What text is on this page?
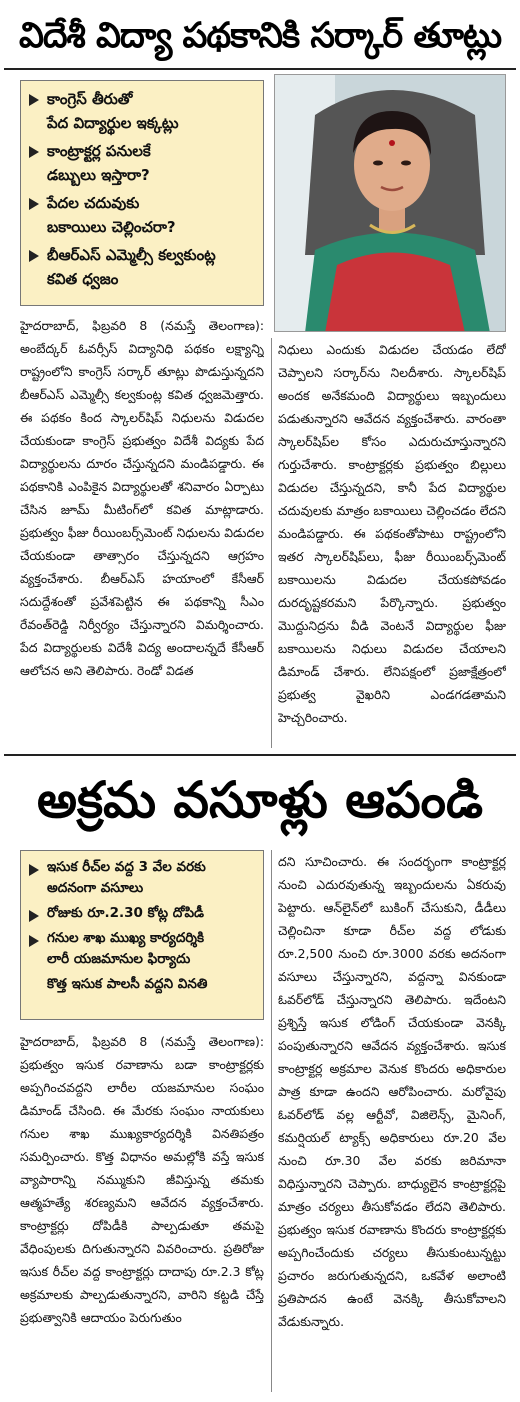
విదేశీ విద్యా పథకానికి సర్కార్ తూట్లు
కాంగ్రెస్ తీరుతో
పేద విద్యార్థుల ఇక్కట్లు
కాంట్రాక్టర్ల పనులకే
డబ్బులు ఇస్తారా?
పేదల చదువుకు
బకాయిలు చెల్లించరా?
బీఆర్ఎస్ ఎమ్మెల్సీ కల్వకుంట్ల
కవిత ధ్వజం

హైదరాబాద్, ఫిబ్రవరి 8 (నమస్తే తెలంగాణ): అంబేద్కర్ ఓవర్సీస్ విద్యానిధి పథకం లక్ష్యాన్ని రాష్ట్రంలోని కాంగ్రెస్ సర్కార్ తూట్లు పొడుస్తున్నదని బీఆర్ఎస్ ఎమ్మెల్సీ కల్వకుంట్ల కవిత ధ్వజమెత్తారు. ఈ పథకం కింద స్కాలర్‌షిప్ నిధులను విడుదల చేయకుండా కాంగ్రెస్ ప్రభుత్వం విదేశీ విద్యకు పేద విద్యార్థులను దూరం చేస్తున్నదని మండిపడ్డారు. ఈ పథకానికి ఎంపికైన విద్యార్థులతో శనివారం ఏర్పాటు చేసిన జూమ్ మీటింగ్‌లో కవిత మాట్లాడారు. ప్రభుత్వం ఫీజు రీయింబర్స్‌మెంట్ నిధులను విడుదల చేయకుండా తాత్సారం చేస్తున్నదని ఆగ్రహం వ్యక్తంచేశారు. బీఆర్ఎస్ హయాంలో కేసీఆర్ సదుద్దేశంతో ప్రవేశపెట్టిన ఈ పథకాన్ని సీఎం రేవంత్‌రెడ్డి నిర్వీర్యం చేస్తున్నారని విమర్శించారు. పేద విద్యార్థులకు విదేశీ విద్య అందాలన్నదే కేసీఆర్ ఆలోచన అని తెలిపారు. రెండో విడత

నిధులు ఎందుకు విడుదల చేయడం లేదో చెప్పాలని సర్కార్‌ను నిలదీశారు. స్కాలర్‌షిప్ అందక అనేకమంది విద్యార్థులు ఇబ్బందులు పడుతున్నారని ఆవేదన వ్యక్తంచేశారు. వారంతా స్కాలర్‌షిప్‌ల కోసం ఎదురుచూస్తున్నారని గుర్తుచేశారు. కాంట్రాక్టర్లకు ప్రభుత్వం బిల్లులు విడుదల చేస్తున్నదని, కానీ పేద విద్యార్థుల చదువులకు మాత్రం బకాయిలు చెల్లించడం లేదని మండిపడ్డారు. ఈ పథకంతోపాటు రాష్ట్రంలోని ఇతర స్కాలర్‌షిప్‌లు, ఫీజు రీయింబర్స్‌మెంట్ బకాయిలను విడుదల చేయకపోవడం దురదృష్టకరమని పేర్కొన్నారు. ప్రభుత్వం మొద్దునిద్రను వీడి వెంటనే విద్యార్థుల ఫీజు బకాయిలను నిధులు విడుదల చేయాలని డిమాండ్ చేశారు. లేనిపక్షంలో ప్రజాక్షేత్రంలో ప్రభుత్వ వైఖరిని ఎండగడతామని హెచ్చరించారు.

అక్రమ వసూళ్లు ఆపండి
ఇసుక రీచ్‌ల వద్ద 3 వేల వరకు
అదనంగా వసూలు
రోజుకు రూ.2.30 కోట్ల దోపిడీ
గనుల శాఖ ముఖ్య కార్యదర్శికి
లారీ యజమానుల ఫిర్యాదు
కొత్త ఇసుక పాలసీ వద్దని వినతి

హైదరాబాద్, ఫిబ్రవరి 8 (నమస్తే తెలంగాణ): ప్రభుత్వం ఇసుక రవాణాను బడా కాంట్రాక్టర్లకు అప్పగించవద్దని లారీల యజమానుల సంఘం డిమాండ్ చేసింది. ఈ మేరకు సంఘం నాయకులు గనుల శాఖ ముఖ్యకార్యదర్శికి వినతిపత్రం సమర్పించారు. కొత్త విధానం అమల్లోకి వస్తే ఇసుక వ్యాపారాన్ని నమ్ముకుని జీవిస్తున్న తమకు ఆత్మహత్యే శరణ్యమని ఆవేదన వ్యక్తంచేశారు. కాంట్రాక్టర్లు దోపిడీకి పాల్పడుతూ తమపై వేధింపులకు దిగుతున్నారని వివరించారు. ప్రతిరోజు ఇసుక రీచ్‌ల వద్ద కాంట్రాక్టర్లు దాదాపు రూ.2.3 కోట్ల అక్రమాలకు పాల్పడుతున్నారని, వారిని కట్టడి చేస్తే ప్రభుత్వానికి ఆదాయం పెరుగుతుం

దని సూచించారు. ఈ సందర్భంగా కాంట్రాక్టర్ల నుంచి ఎదురవుతున్న ఇబ్బందులను ఏకరువు పెట్టారు. ఆన్‌లైన్‌లో బుకింగ్ చేసుకుని, డీడీలు చెల్లించినా కూడా రీచ్‌ల వద్ద లోడుకు రూ.2,500 నుంచి రూ.3000 వరకు అదనంగా వసూలు చేస్తున్నారని, వద్దన్నా వినకుండా ఓవర్‌లోడ్ చేస్తున్నారని తెలిపారు. ఇదేంటని ప్రశ్నిస్తే ఇసుక లోడింగ్ చేయకుండా వెనక్కి పంపుతున్నారని ఆవేదన వ్యక్తంచేశారు. ఇసుక కాంట్రాక్టర్ల అక్రమాల వెనుక కొందరు అధికారుల పాత్ర కూడా ఉందని ఆరోపించారు. మరోవైపు ఓవర్‌లోడ్ వల్ల ఆర్టీవో, విజిలెన్స్, మైనింగ్, కమర్షియల్ ట్యాక్స్ అధికారులు రూ.20 వేల నుంచి రూ.30 వేల వరకు జరిమానా విధిస్తున్నారని చెప్పారు. బాధ్యులైన కాంట్రాక్టర్లపై మాత్రం చర్యలు తీసుకోవడం లేదని తెలిపారు. ప్రభుత్వం ఇసుక రవాణాను కొందరు కాంట్రాక్టర్లకు అప్పగించేందుకు చర్యలు తీసుకుంటున్నట్టు ప్రచారం జరుగుతున్నదని, ఒకవేళ అలాంటి ప్రతిపాదన ఉంటే వెనక్కి తీసుకోవాలని వేడుకున్నారు.
